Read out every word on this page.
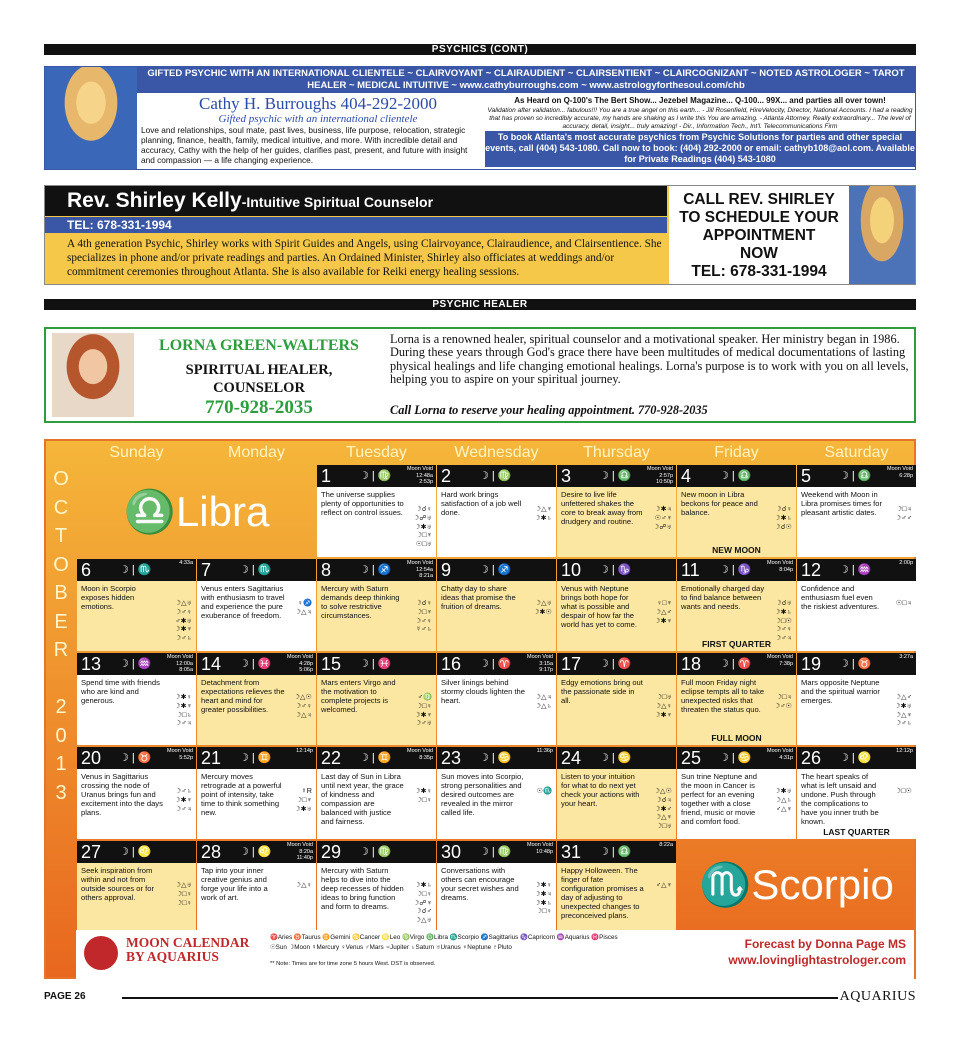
PSYCHICS (CONT)
GIFTED PSYCHIC WITH AN INTERNATIONAL CLIENTELE ~ CLAIRVOYANT ~ CLAIRAUDIENT ~ CLAIRSENTIENT ~ CLAIRCOGNIZANT ~ NOTED ASTROLOGER ~ TAROT HEALER ~ MEDICAL INTUITIVE ~ www.cathyburroughs.com ~ www.astrologyforthesoul.com/chb
Cathy H. Burroughs 404-292-2000
Gifted psychic with an international clientele
Love and relationships, soul mate, past lives, business, life purpose, relocation, strategic planning, finance, health, family, medical intuitive, and more. With incredible detail and accuracy, Cathy with the help of her guides, clarifies past, present, and future with insight and compassion — a life changing experience.
As Heard on Q-100's The Bert Show... Jezebel Magazine... Q-100... 99X... and parties all over town!
Validation after validation... fabulous!!! You are a true angel on this earth... - Jill Rosenfield, HireVelocity, Director, National Accounts. I had a reading that has proven so incredibly accurate, my hands are shaking as I write this You are amazing. - Atlanta Attorney. Really extraordinary... The level of accuracy, detail, insight... truly amazing! - Dir., Information Tech., Int'l. Telecommunications Firm
To book Atlanta's most accurate psychics from Psychic Solutions for parties and other special events, call (404) 543-1080. Call now to book: (404) 292-2000 or email: cathyb108@aol.com. Available for Private Readings (404) 543-1080
Rev. Shirley Kelly-Intuitive Spiritual Counselor
TEL: 678-331-1994
A 4th generation Psychic, Shirley works with Spirit Guides and Angels, using Clairvoyance, Clairaudience, and Clairsentience. She specializes in phone and/or private readings and parties. An Ordained Minister, Shirley also officiates at weddings and/or commitment ceremonies throughout Atlanta. She is also available for Reiki energy healing sessions.
CALL REV. SHIRLEY
TO SCHEDULE YOUR
APPOINTMENT
NOW
TEL: 678-331-1994
PSYCHIC HEALER
LORNA GREEN-WALTERS
SPIRITUAL HEALER, COUNSELOR
770-928-2035
Lorna is a renowned healer, spiritual counselor and a motivational speaker. Her ministry began in 1986. During these years through God's grace there have been multitudes of medical documentations of lasting physical healings and life changing emotional healings. Lorna's purpose is to work with you on all levels, helping you to aspire on your spiritual journey.
Call Lorna to reserve your healing appointment. 770-928-2035
O
C
T
O
B
E
R
2
0
1
3
Sunday	Monday	Tuesday	Wednesday	Thursday	Friday	Saturday
♎Libra
1	☽ | ♍
Moon Void
12:48a
2:53p
The universe supplies plenty of opportunities to reflect on control issues.	☽☌♀
☽☍♅
☽✱♅
☽□♆
☉□♅
2	☽ | ♍
Hard work brings satisfaction of a job well done.	☽△♆
☽✱♄
3	☽ | ♎
Moon Void
2:57p
10:50p
Desire to live life unfettered shakes the core to break away from drudgery and routine.
☽✱♃
☉♂♆
☽☍♅
4	☽ | ♎
New moon in Libra beckons for peace and balance.	☽☌♀
☽✱♄
☽☌☉
NEW MOON
5	☽ | ♎
Moon Void
6:28p
Weekend with Moon in Libra promises times for pleasant artistic dates.	☽□♃
☽♂♂
6	☽ | ♏
4:33a
Moon in Scorpio exposes hidden emotions.	☽△♅
☽♂♀
♂✱♅
☽✱♆
☽♂♄
7	☽ | ♏
Venus enters Sagittarius with enthusiasm to travel and experience the pure exuberance of freedom.
♀♐
☽△♃
8	☽ | ♐
Moon Void
12:54a
8:21a
Mercury with Saturn demands deep thinking to solve restrictive circumstances.
☽☌♀
☽□♆
☽♂♀
☿♂♄
9	☽ | ♐
Chatty day to share ideas that promise the fruition of dreams.	☽△♅
☽✱☉
10 ☽ | ♑
Venus with Neptune brings both hope for what is possible and despair of how far the world has yet to come.
♀□♆
☽△♂
☽✱♆
11 ☽ | ♑
Moon Void
8:04p
Emotionally charged day to find balance between wants and needs.	☽☌♅
☽✱♄
☽□☉
☽♂♀
☽♂♃
FIRST QUARTER
12 ☽ | ♒
2:00p
Confidence and enthusiasm fuel even the riskiest adventures.	☉□♃
13 ☽ | ♒
Moon Void
12:00a
8:05a
Spend time with friends who are kind and generous.	☽✱♀
☽✱♆
☽□♄
☽♂♃
14 ☽ | ♓
Moon Void
4:28p
5:06p
Detachment from expectations relieves the heart and mind for greater possibilities.
☽△☉
☽♂♀
☽△♃
15 ☽ | ♓
Mars enters Virgo and the motivation to complete projects is welcomed.
♂♍
☽□♀
☽✱♆
☽♂♅
16 ☽ | ♈
Moon Void
3:15a
9:17p
Silver linings behind stormy clouds lighten the heart.	☽△♃
☽△♄
17 ☽ | ♈
Edgy emotions bring out the passionate side in all.	☽□♅
☽△♀
☽✱♆
18 ☽ | ♈
Moon Void
7:38p
Full moon Friday night eclipse tempts all to take unexpected risks that threaten the status quo.
☽□♃
☽♂☉
FULL MOON
19 ☽ | ♉
3:27a
Mars opposite Neptune and the spiritual warrior emerges.	☽△♂
☽✱♅
☽△♆
☽♂♄
20 ☽ | ♉
Moon Void
5:52p
Venus in Sagittarius crossing the node of Uranus brings fun and excitement into the days plans.
☽♂♄
☽✱♆
☽♂♃
21 ☽ | ♊
12:14p
Mercury moves retrograde at a powerful point of intensity, take time to think something new.
☿R
☽□♆
☽✱♅
22 ☽ | ♊
Moon Void
8:35p
Last day of Sun in Libra until next year, the grace of kindness and compassion are balanced with justice and fairness.
☽✱♀
☽□♀
23 ☽ | ♋
11:36p
Sun moves into Scorpio, strong personalities and desired outcomes are revealed in the mirror called life.
☉♏
24 ☽ | ♋
Listen to your intuition for what to do next yet check your actions with your heart.
☽△☉
☽☌♃
☽✱♂
☽△♆
☽□♅
25 ☽ | ♋
Moon Void
4:31p
Sun trine Neptune and the moon in Cancer is perfect for an evening together with a close friend, music or movie and comfort food.
☽✱♅
☽△♄
♂△♆
26 ☽ | ♌
12:12p
The heart speaks of what is left unsaid and undone. Push through the complications to have you inner truth be known.
☽□☉
LAST QUARTER
27 ☽ | ♌
Seek inspiration from within and not from outside sources or for others approval.
☽△♅
☽□♀
☽□♀
28 ☽ | ♌
Moon Void
8:20a
11:40p
Tap into your inner creative genius and forge your life into a work of art.
☽△♀
29 ☽ | ♍
Mercury with Saturn helps to dive into the deep recesses of hidden ideas to bring function and form to dreams.
☽✱♄
☽□♀
☽☍♆
☽☌♂
☽△♅
30 ☽ | ♍
Moon Void
10:48p
Conversations with others can encourage your secret wishes and dreams.
☽✱♀
☽✱♃
☽✱♄
☽□♀
31 ☽ | ♎
8:22a
Happy Holloween. The finger of fate configuration promises a day of adjusting to unexpected changes to preconceived plans.
♂△♆ ♏Scorpio
MOON CALENDAR
BY AQUARIUS
♈Aries ♉Taurus ♊Gemini ♋Cancer ♌Leo ♍Virgo ♎Libra ♏Scorpio ♐Sagittarius ♑Capricorn ♒Aquarius ♓Pisces
☉Sun ☽Moon ☿Mercury ♀Venus ♂Mars ♃Jupiter ♄Saturn ♅Uranus ♆Neptune ♇Pluto
** Note: Times are for time zone 5 hours West. DST is observed.
Forecast by Donna Page MS
www.lovinglightastrologer.com
PAGE 26	AQUARIUS
